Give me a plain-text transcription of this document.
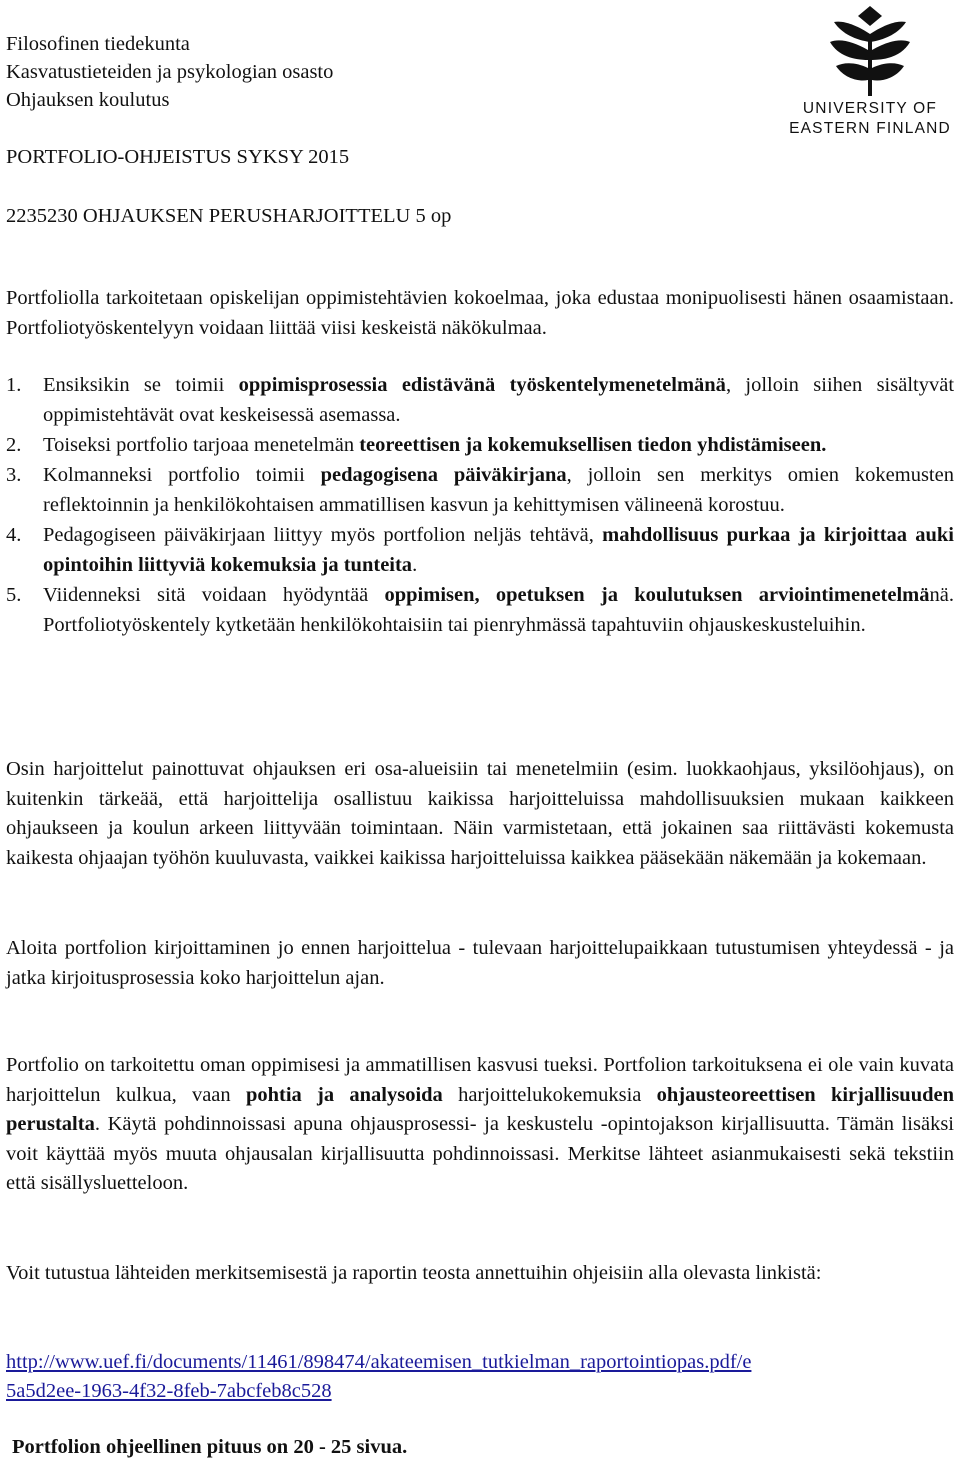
Filosofinen tiedekunta
Kasvatustieteiden ja psykologian osasto
Ohjauksen koulutus	UNIVERSITY OF
EASTERN FINLAND
PORTFOLIO-OHJEISTUS SYKSY 2015
2235230 OHJAUKSEN PERUSHARJOITTELU 5 op
Portfoliolla tarkoitetaan opiskelijan oppimistehtävien kokoelmaa, joka edustaa monipuolisesti hänen osaamistaan. Portfoliotyöskentelyyn voidaan liittää viisi keskeistä näkökulmaa.
1. Ensiksikin se toimii oppimisprosessia edistävänä työskentelymenetelmänä, jolloin siihen sisältyvät oppimistehtävät ovat keskeisessä asemassa.
2. Toiseksi portfolio tarjoaa menetelmän teoreettisen ja kokemuksellisen tiedon yhdistämiseen.
3. Kolmanneksi portfolio toimii pedagogisena päiväkirjana, jolloin sen merkitys omien kokemusten reflektoinnin ja henkilökohtaisen ammatillisen kasvun ja kehittymisen välineenä korostuu.
4. Pedagogiseen päiväkirjaan liittyy myös portfolion neljäs tehtävä, mahdollisuus purkaa ja kirjoittaa auki opintoihin liittyviä kokemuksia ja tunteita.
5. Viidenneksi sitä voidaan hyödyntää oppimisen, opetuksen ja koulutuksen arviointimenetelmänä. Portfoliotyöskentely kytketään henkilökohtaisiin tai pienryhmässä tapahtuviin ohjauskeskusteluihin.
Osin harjoittelut painottuvat ohjauksen eri osa-alueisiin tai menetelmiin (esim. luokkaohjaus, yksilöohjaus), on kuitenkin tärkeää, että harjoittelija osallistuu kaikissa harjoitteluissa mahdollisuuksien mukaan kaikkeen ohjaukseen ja koulun arkeen liittyvään toimintaan. Näin varmistetaan, että jokainen saa riittävästi kokemusta kaikesta ohjaajan työhön kuuluvasta, vaikkei kaikissa harjoitteluissa kaikkea pääsekään näkemään ja kokemaan.
Aloita portfolion kirjoittaminen jo ennen harjoittelua - tulevaan harjoittelupaikkaan tutustumisen yhteydessä - ja jatka kirjoitusprosessia koko harjoittelun ajan.
Portfolio on tarkoitettu oman oppimisesi ja ammatillisen kasvusi tueksi. Portfolion tarkoituksena ei ole vain kuvata harjoittelun kulkua, vaan pohtia ja analysoida harjoittelukokemuksia ohjausteoreettisen kirjallisuuden perustalta. Käytä pohdinnoissasi apuna ohjausprosessi- ja keskustelu -opintojakson kirjallisuutta. Tämän lisäksi voit käyttää myös muuta ohjausalan kirjallisuutta pohdinnoissasi. Merkitse lähteet asianmukaisesti sekä tekstiin että sisällysluetteloon.
Voit tutustua lähteiden merkitsemisestä ja raportin teosta annettuihin ohjeisiin alla olevasta linkistä:
http://www.uef.fi/documents/11461/898474/akateemisen_tutkielman_raportointiopas.pdf/e
5a5d2ee-1963-4f32-8feb-7abcfeb8c528
Portfolion ohjeellinen pituus on 20 - 25 sivua.
